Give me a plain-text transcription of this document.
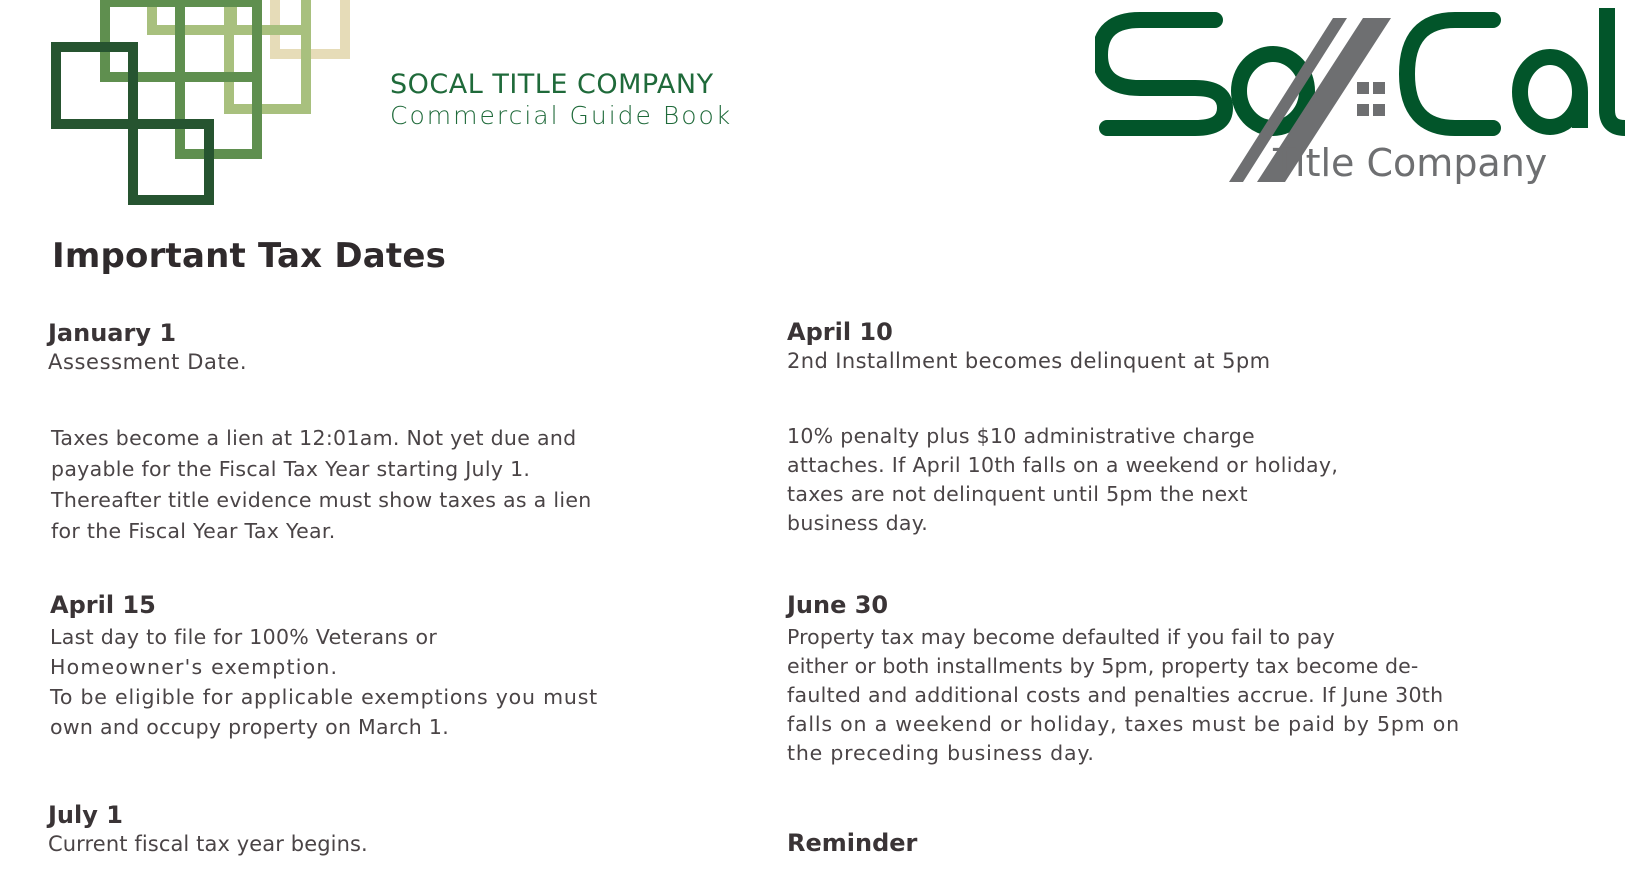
SOCAL TITLE COMPANY
Commercial Guide Book
Title Company
Important Tax Dates
January 1
Assessment Date.

Taxes become a lien at 12:01am. Not yet due and

payable for the Fiscal Tax Year starting July 1.

Thereafter title evidence must show taxes as a lien

for the Fiscal Year Tax Year.

April 15

Last day to file for 100% Veterans or

Homeowner's exemption.

To be eligible for applicable exemptions you must

own and occupy property on March 1.

July 1
Current fiscal tax year begins.
April 10
2nd Installment becomes delinquent at 5pm

10% penalty plus $10 administrative charge

attaches. If April 10th falls on a weekend or holiday,

taxes are not delinquent until 5pm the next

business day.

June 30

Property tax may become defaulted if you fail to pay

either or both installments by 5pm, property tax become de-

faulted and additional costs and penalties accrue. If June 30th

falls on a weekend or holiday, taxes must be paid by 5pm on

the preceding business day.

Reminder
